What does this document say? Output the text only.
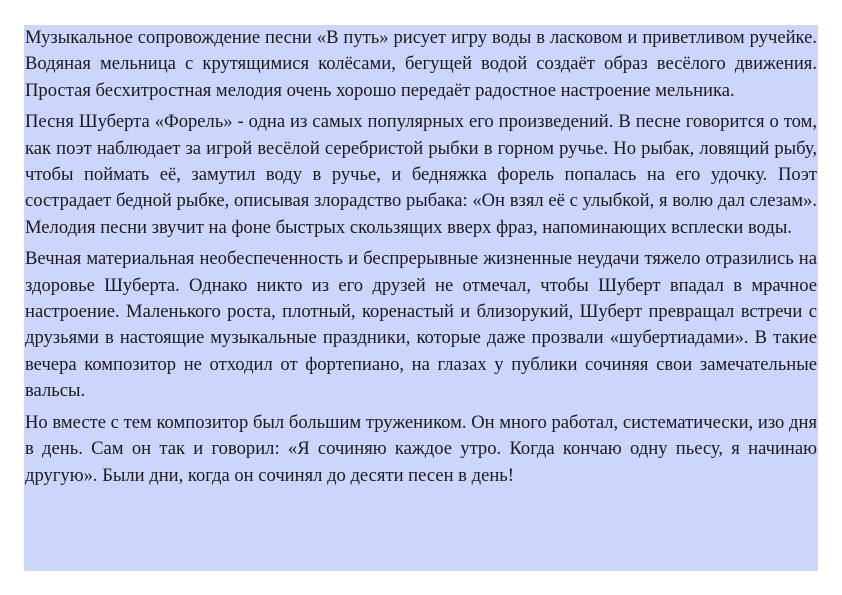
Музыкальное сопровождение песни «В путь» рисует игру воды в ласковом и приветливом ручейке. Водяная мельница с крутящимися колёсами, бегущей водой создаёт образ весёлого движения. Простая бесхитростная мелодия очень хорошо передаёт радостное настроение мельника.

Песня Шуберта «Форель» - одна из самых популярных его произведений. В песне говорится о том, как поэт наблюдает за игрой весёлой серебристой рыбки в горном ручье. Но рыбак, ловящий рыбу, чтобы поймать её, замутил воду в ручье, и бедняжка форель попалась на его удочку. Поэт сострадает бедной рыбке, описывая злорадство рыбака: «Он взял её с улыбкой, я волю дал слезам». Мелодия песни звучит на фоне быстрых скользящих вверх фраз, напоминающих всплески воды.

Вечная материальная необеспеченность и беспрерывные жизненные неудачи тяжело отразились на здоровье Шуберта. Однако никто из его друзей не отмечал, чтобы Шуберт впадал в мрачное настроение. Маленького роста, плотный, коренастый и близорукий, Шуберт превращал встречи с друзьями в настоящие музыкальные праздники, которые даже прозвали «шубертиадами». В такие вечера композитор не отходил от фортепиано, на глазах у публики сочиняя свои замечательные вальсы.

Но вместе с тем композитор был большим тружеником. Он много работал, систематически, изо дня в день. Сам он так и говорил: «Я сочиняю каждое утро. Когда кончаю одну пьесу, я начинаю другую». Были дни, когда он сочинял до десяти песен в день!
